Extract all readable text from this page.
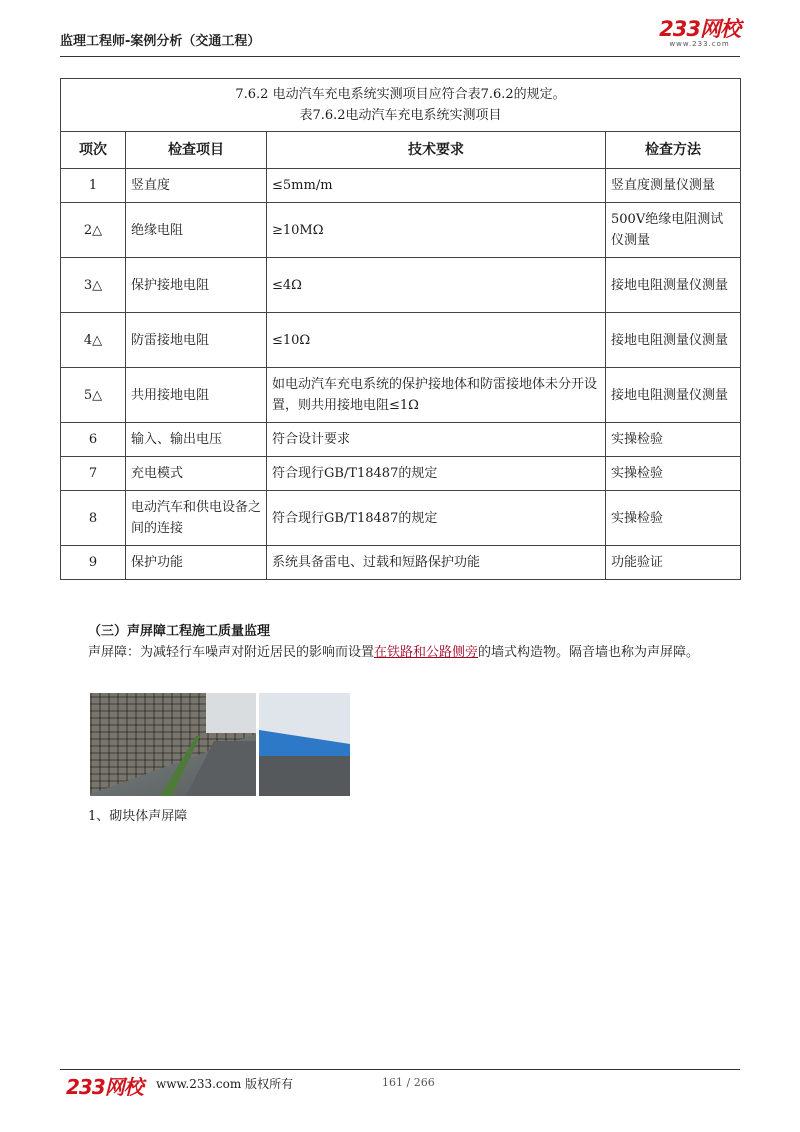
监理工程师-案例分析（交通工程）
233网校
www.233.com
7.6.2 电动汽车充电系统实测项目应符合表7.6.2的规定。
表7.6.2电动汽车充电系统实测项目			

项次	检查项目	技术要求	检查方法
1	竖直度	≤5mm/m	竖直度测量仪测量
2△	绝缘电阻	≥10MΩ	500V绝缘电阻测试仪测量
3△	保护接地电阻	≤4Ω	接地电阻测量仪测量
4△	防雷接地电阻	≤10Ω	接地电阻测量仪测量
5△	共用接地电阻	如电动汽车充电系统的保护接地体和防雷接地体未分开设置，则共用接地电阻≤1Ω	接地电阻测量仪测量
6	输入、输出电压	符合设计要求	实操检验
7	充电模式	符合现行GB/T18487的规定	实操检验
8	电动汽车和供电设备之间的连接	符合现行GB/T18487的规定	实操检验
9	保护功能	系统具备雷电、过载和短路保护功能	功能验证
（三）声屏障工程施工质量监理
声屏障：为减轻行车噪声对附近居民的影响而设置在铁路和公路侧旁的墙式构造物。隔音墙也称为声屏障。
1、砌块体声屏障
233网校 www.233.com 版权所有	161 / 266
